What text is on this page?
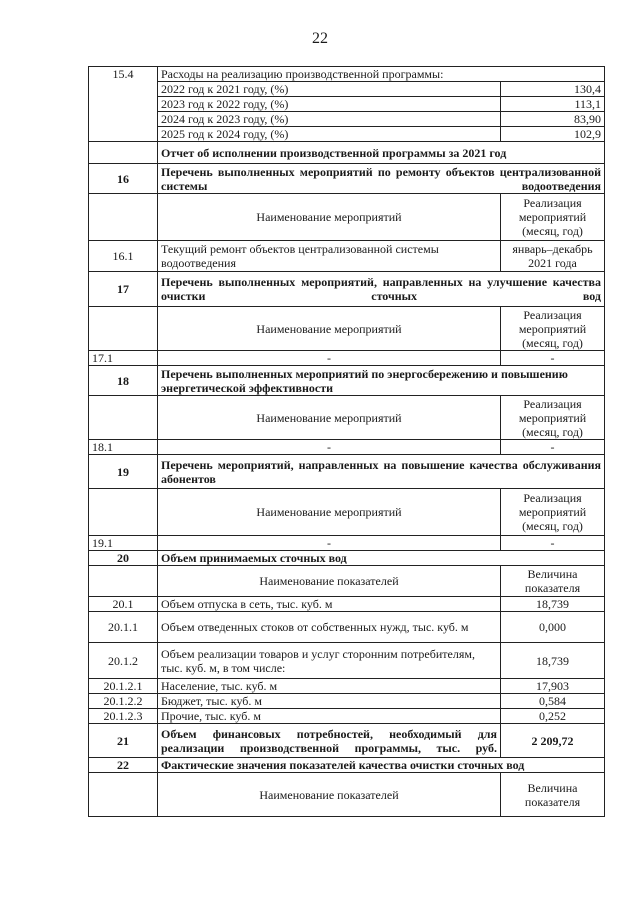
22
15.4	Расходы на реализацию производственной программы:	
	2022 год к 2021 году, (%)	130,4
	2023 год к 2022 году, (%)	113,1
	2024 год к 2023 году, (%)	83,90
	2025 год к 2024 году, (%)	102,9
	Отчет об исполнении производственной программы за 2021 год	
16	Перечень выполненных мероприятий по ремонту объектов централизованной системы водоотведения	
	Наименование мероприятий	Реализация мероприятий (месяц, год)
16.1	Текущий ремонт объектов централизованной системы водоотведения	январь–декабрь 2021 года
17	Перечень выполненных мероприятий, направленных на улучшение качества очистки сточных вод	
	Наименование мероприятий	Реализация мероприятий (месяц, год)
17.1	-	-
18	Перечень выполненных мероприятий по энергосбережению и повышению энергетической эффективности	
	Наименование мероприятий	Реализация мероприятий (месяц, год)
18.1	-	-
19	Перечень мероприятий, направленных на повышение качества обслуживания абонентов	
	Наименование мероприятий	Реализация мероприятий (месяц, год)
19.1	-	-
20	Объем принимаемых сточных вод	
	Наименование показателей	Величина показателя
20.1	Объем отпуска в сеть, тыс. куб. м	18,739
20.1.1	Объем отведенных стоков от собственных нужд, тыс. куб. м	0,000
20.1.2	Объем реализации товаров и услуг сторонним потребителям, тыс. куб. м, в том числе:	18,739
20.1.2.1	Население, тыс. куб. м	17,903
20.1.2.2	Бюджет, тыс. куб. м	0,584
20.1.2.3	Прочие, тыс. куб. м	0,252
21	Объем финансовых потребностей, необходимый для реализации производственной программы, тыс. руб.	2 209,72
22	Фактические значения показателей качества очистки сточных вод	
	Наименование показателей	Величина показателя
